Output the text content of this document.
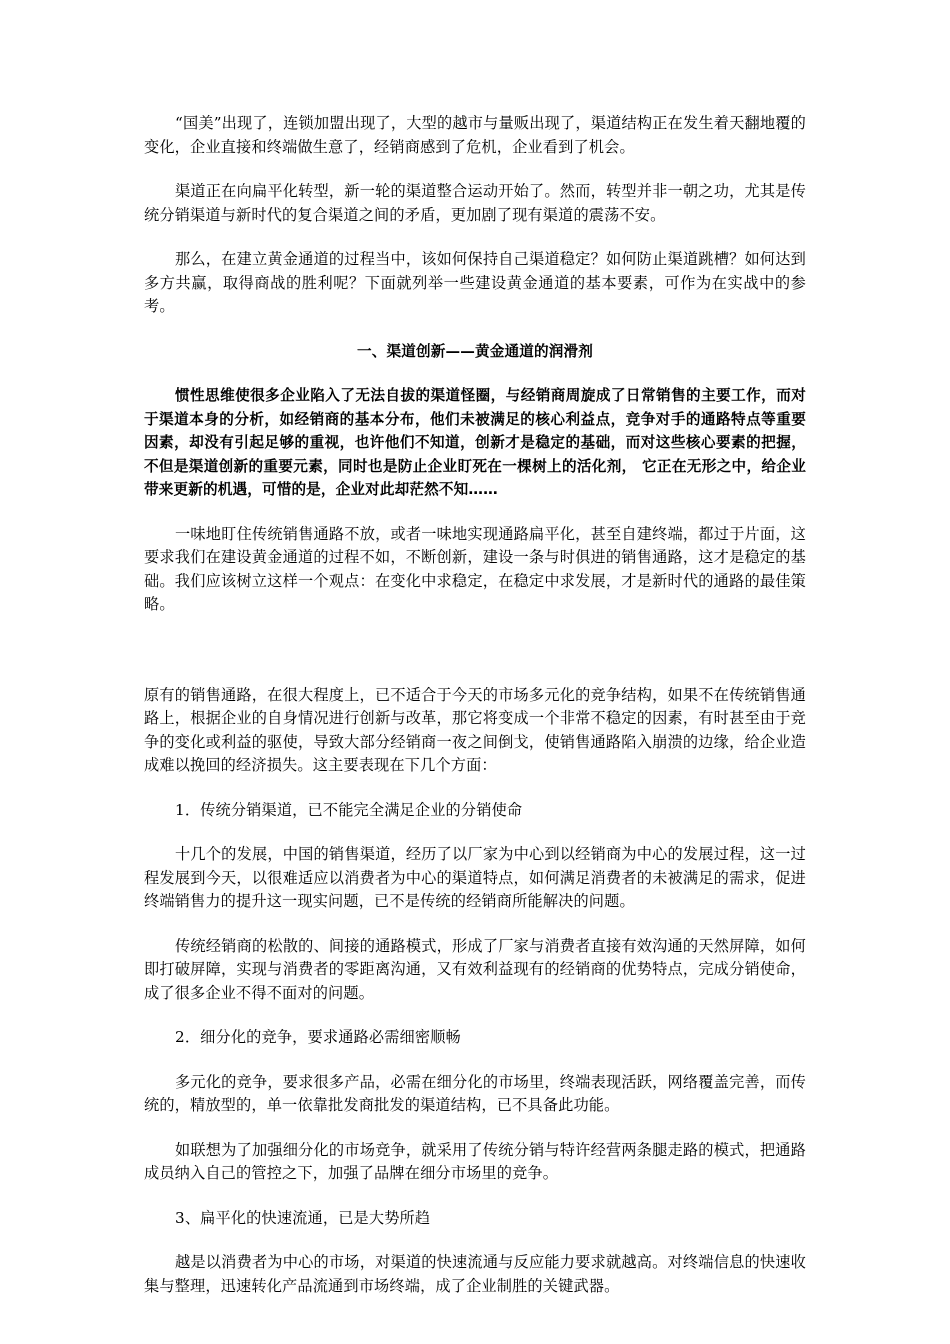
“国美”出现了，连锁加盟出现了，大型的越市与量贩出现了，渠道结构正在发生着天翻地覆的变化，企业直接和终端做生意了，经销商感到了危机，企业看到了机会。

渠道正在向扁平化转型，新一轮的渠道整合运动开始了。然而，转型并非一朝之功，尤其是传统分销渠道与新时代的复合渠道之间的矛盾，更加剧了现有渠道的震荡不安。

那么，在建立黄金通道的过程当中，该如何保持自己渠道稳定？如何防止渠道跳槽？如何达到多方共赢，取得商战的胜利呢？下面就列举一些建设黄金通道的基本要素，可作为在实战中的参考。

一、渠道创新——黄金通道的润滑剂

惯性思维使很多企业陷入了无法自拔的渠道怪圈，与经销商周旋成了日常销售的主要工作，而对于渠道本身的分析，如经销商的基本分布，他们未被满足的核心利益点，竞争对手的通路特点等重要因素，却没有引起足够的重视，也许他们不知道，创新才是稳定的基础，而对这些核心要素的把握，不但是渠道创新的重要元素，同时也是防止企业盯死在一棵树上的活化剂， 它正在无形之中，给企业带来更新的机遇，可惜的是，企业对此却茫然不知……

一味地盯住传统销售通路不放，或者一味地实现通路扁平化，甚至自建终端，都过于片面，这要求我们在建设黄金通道的过程不如，不断创新，建设一条与时俱进的销售通路，这才是稳定的基础。我们应该树立这样一个观点：在变化中求稳定，在稳定中求发展，才是新时代的通路的最佳策略。

原有的销售通路，在很大程度上，已不适合于今天的市场多元化的竞争结构，如果不在传统销售通路上，根据企业的自身情况进行创新与改革，那它将变成一个非常不稳定的因素，有时甚至由于竞争的变化或利益的驱使，导致大部分经销商一夜之间倒戈，使销售通路陷入崩溃的边缘，给企业造成难以挽回的经济损失。这主要表现在下几个方面：

1．传统分销渠道，已不能完全满足企业的分销使命

十几个的发展，中国的销售渠道，经历了以厂家为中心到以经销商为中心的发展过程，这一过程发展到今天，以很难适应以消费者为中心的渠道特点，如何满足消费者的未被满足的需求，促进终端销售力的提升这一现实问题，已不是传统的经销商所能解决的问题。

传统经销商的松散的、间接的通路模式，形成了厂家与消费者直接有效沟通的天然屏障，如何即打破屏障，实现与消费者的零距离沟通，又有效利益现有的经销商的优势特点，完成分销使命，成了很多企业不得不面对的问题。

2．细分化的竞争，要求通路必需细密顺畅

多元化的竞争，要求很多产品，必需在细分化的市场里，终端表现活跃，网络覆盖完善，而传统的，精放型的，单一依靠批发商批发的渠道结构，已不具备此功能。

如联想为了加强细分化的市场竞争，就采用了传统分销与特许经营两条腿走路的模式，把通路成员纳入自己的管控之下，加强了品牌在细分市场里的竞争。

3、扁平化的快速流通，已是大势所趋

越是以消费者为中心的市场，对渠道的快速流通与反应能力要求就越高。对终端信息的快速收集与整理，迅速转化产品流通到市场终端，成了企业制胜的关键武器。
